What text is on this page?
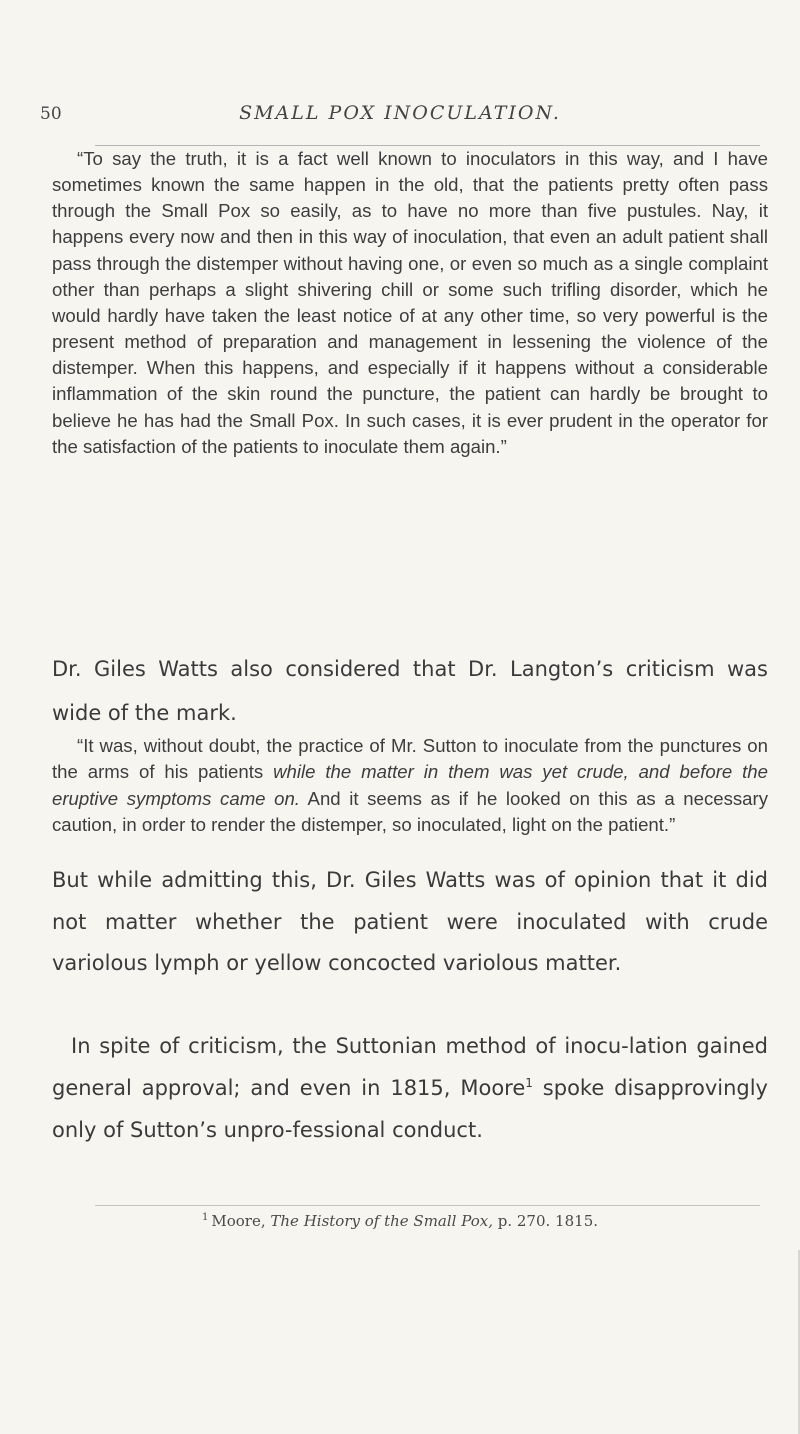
50	SMALL POX INOCULATION.

“To say the truth, it is a fact well known to inoculators in this way, and I have sometimes known the same happen in the old, that the patients pretty often pass through the Small Pox so easily, as to have no more than five pustules. Nay, it happens every now and then in this way of inoculation, that even an adult patient shall pass through the distemper without having one, or even so much as a single complaint other than perhaps a slight shivering chill or some such trifling disorder, which he would hardly have taken the least notice of at any other time, so very powerful is the present method of preparation and management in lessening the violence of the distemper. When this happens, and especially if it happens without a considerable inflammation of the skin round the puncture, the patient can hardly be brought to believe he has had the Small Pox. In such cases, it is ever prudent in the operator for the satisfaction of the patients to inoculate them again.”

Dr. Giles Watts also considered that Dr. Langton’s criticism was wide of the mark.

“It was, without doubt, the practice of Mr. Sutton to inoculate from the punctures on the arms of his patients while the matter in them was yet crude, and before the eruptive symptoms came on. And it seems as if he looked on this as a necessary caution, in order to render the distemper, so inoculated, light on the patient.”

But while admitting this, Dr. Giles Watts was of opinion that it did not matter whether the patient were inoculated with crude variolous lymph or yellow concocted variolous matter.

In spite of criticism, the Suttonian method of inocu-lation gained general approval; and even in 1815, Moore$^1$ spoke disapprovingly only of Sutton’s unpro-fessional conduct.

$^1$ Moore, The History of the Small Pox, p. 270. 1815.
